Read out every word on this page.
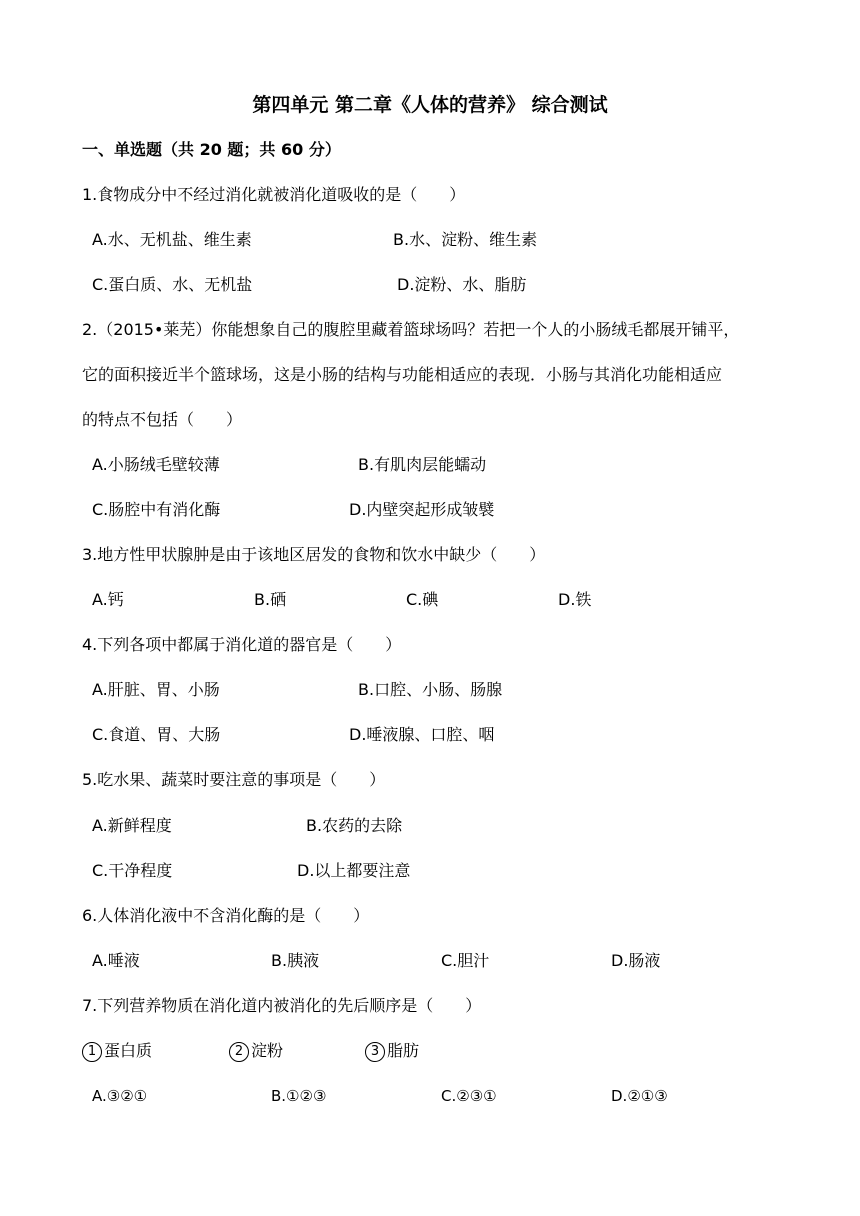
第四单元 第二章《人体的营养》 综合测试
一、单选题（共 20 题；共 60 分）
1.食物成分中不经过消化就被消化道吸收的是（　　）
A.水、无机盐、维生素	B.水、淀粉、维生素
C.蛋白质、水、无机盐	D.淀粉、水、脂肪
2.（2015•莱芜）你能想象自己的腹腔里藏着篮球场吗？若把一个人的小肠绒毛都展开铺平，
它的面积接近半个篮球场，这是小肠的结构与功能相适应的表现．小肠与其消化功能相适应
的特点不包括（　　）
A.小肠绒毛壁较薄	B.有肌肉层能蠕动
C.肠腔中有消化酶	D.内壁突起形成皱襞
3.地方性甲状腺肿是由于该地区居发的食物和饮水中缺少（　　）
A.钙	B.硒	C.碘	D.铁
4.下列各项中都属于消化道的器官是（　　）
A.肝脏、胃、小肠	B.口腔、小肠、肠腺
C.食道、胃、大肠	D.唾液腺、口腔、咽
5.吃水果、蔬菜时要注意的事项是（　　）
A.新鲜程度	B.农药的去除
C.干净程度	D.以上都要注意
6.人体消化液中不含消化酶的是（　　）
A.唾液	B.胰液	C.胆汁	D.肠液
7.下列营养物质在消化道内被消化的先后顺序是（　　）
1 蛋白质	2 淀粉	3 脂肪
A.③②①	B.①②③	C.②③①	D.②①③
